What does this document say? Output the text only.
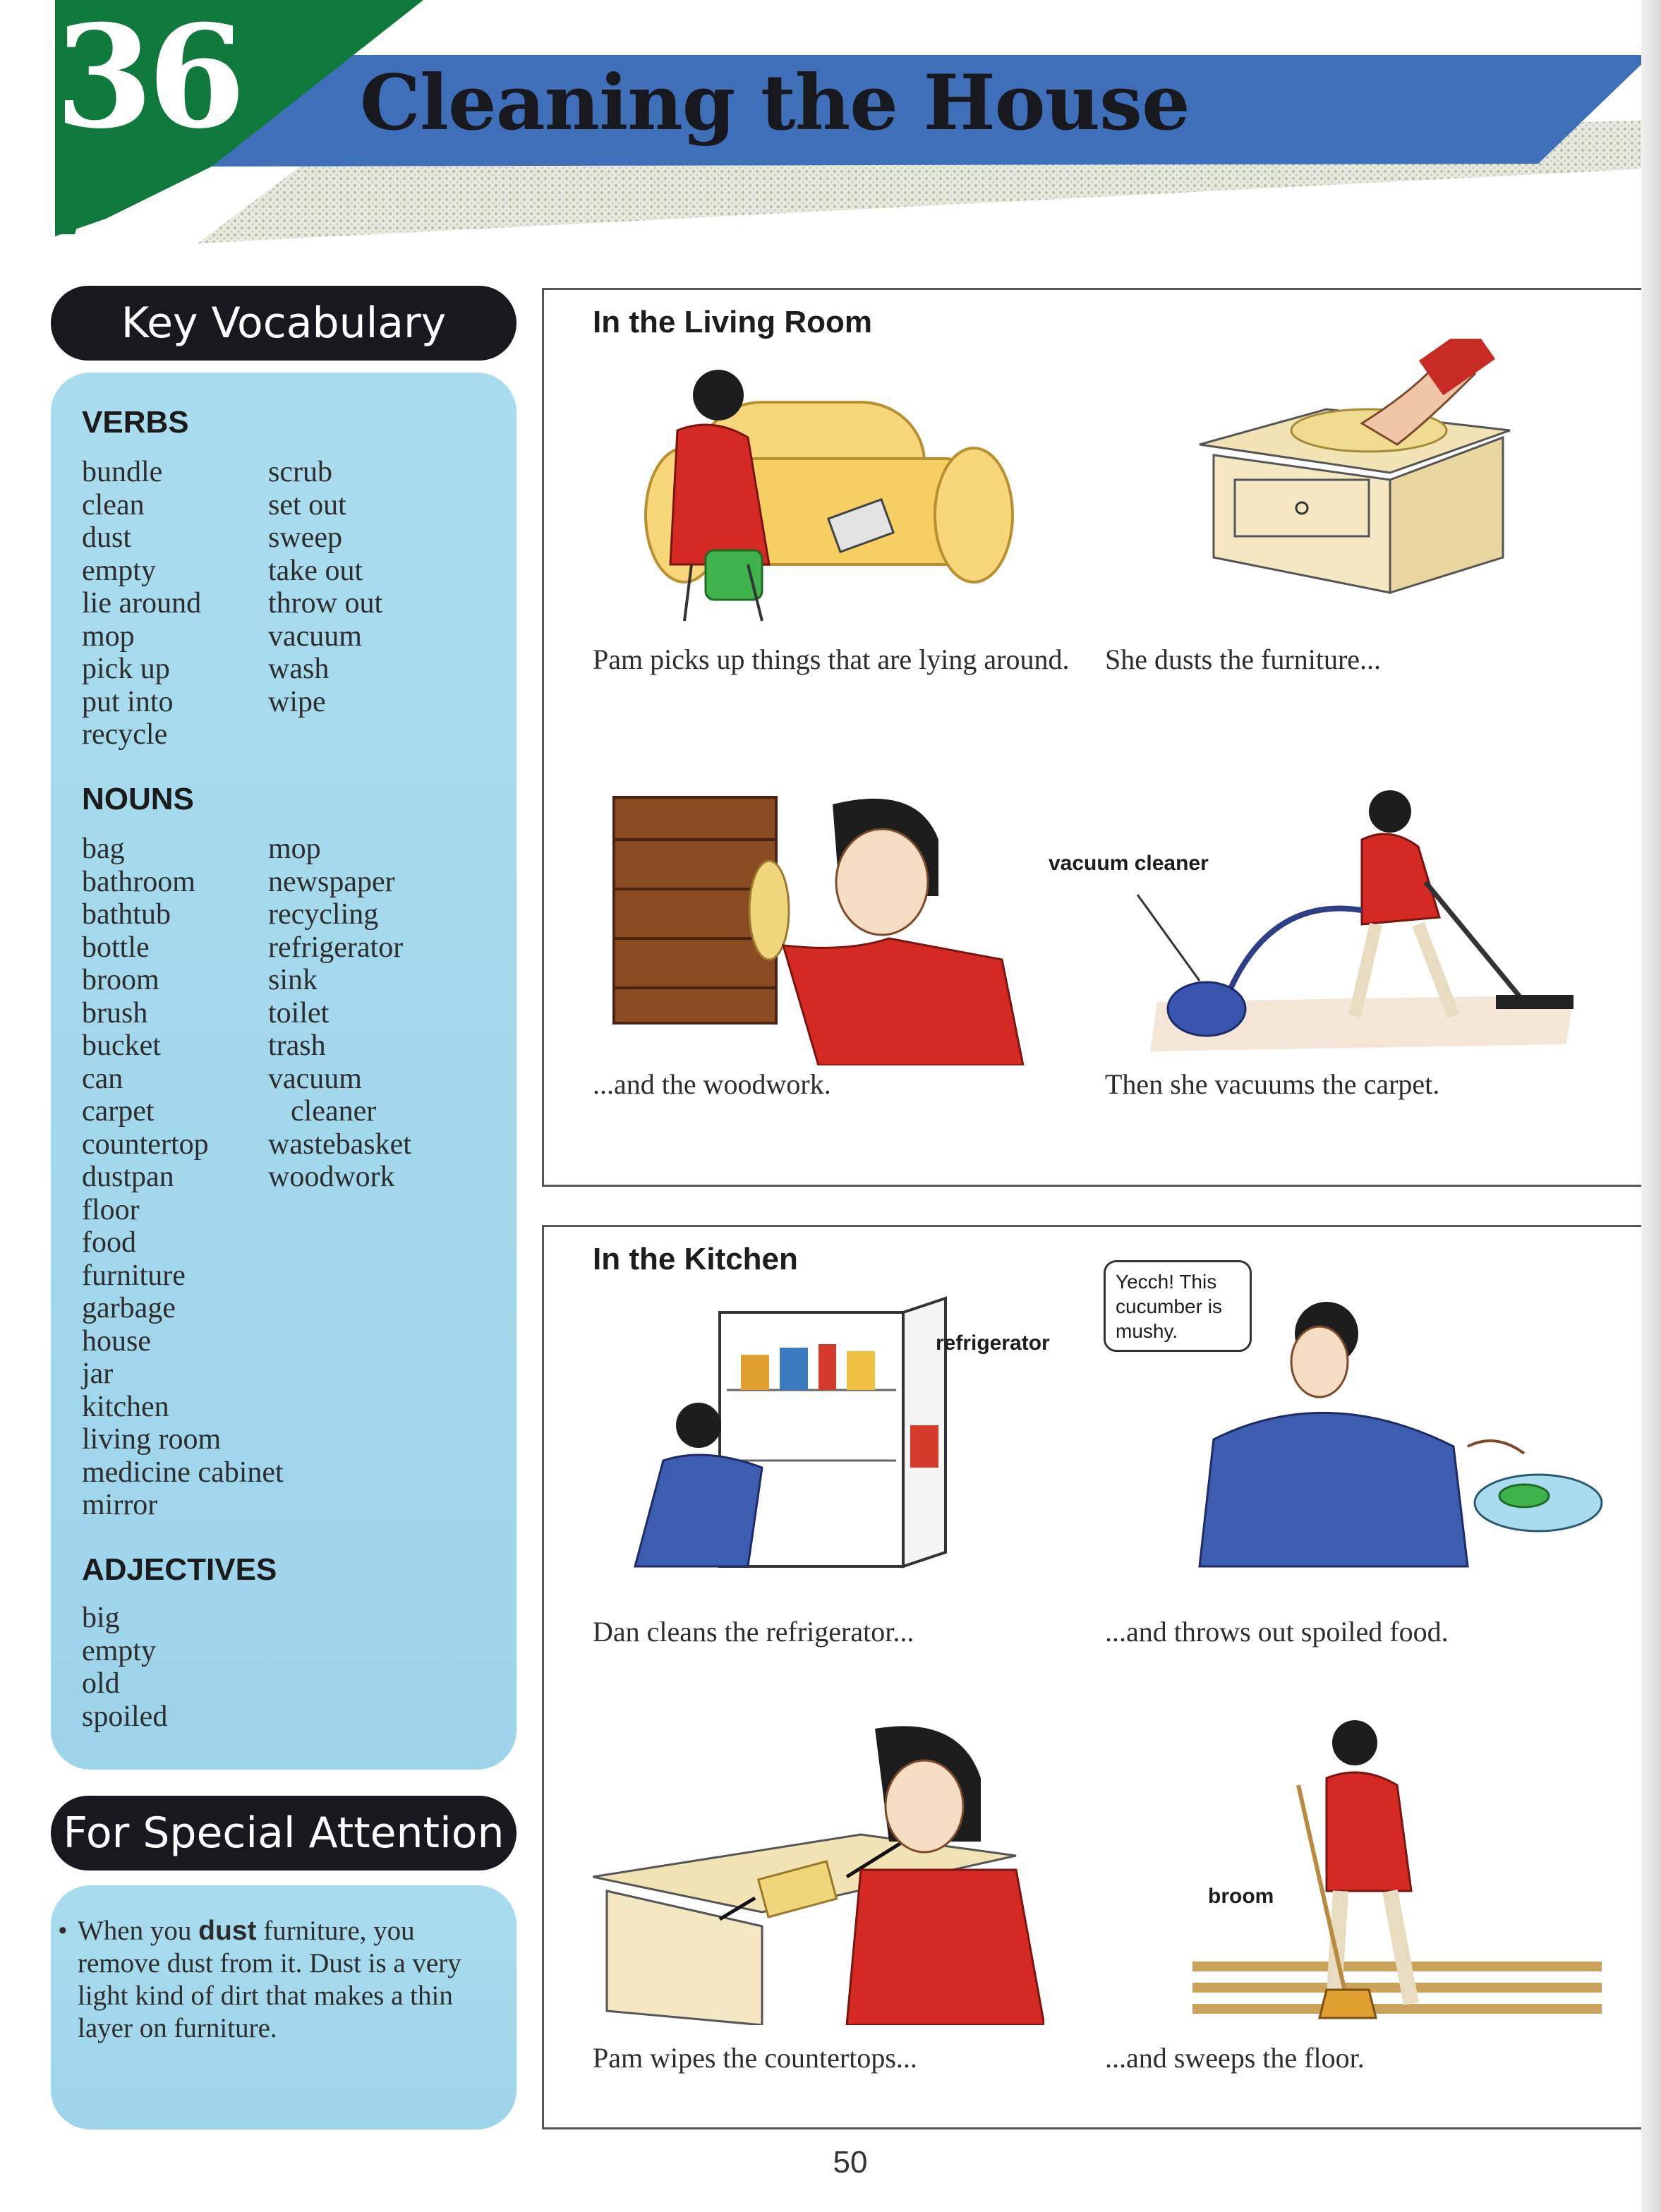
36 Cleaning the House
Key Vocabulary
VERBS
bundle
clean
dust
empty
lie around
mop
pick up
put into
recycle
scrub
set out
sweep
take out
throw out
vacuum
wash
wipe
NOUNS
bag
bathroom
bathtub
bottle
broom
brush
bucket
can
carpet
countertop
dustpan
floor
food
furniture
garbage
house
jar
kitchen
living room
medicine cabinet
mirror
mop
newspaper
recycling
refrigerator
sink
toilet
trash
vacuum
cleaner
wastebasket
woodwork
ADJECTIVES
big
empty
old
spoiled
For Special Attention
• When you dust furniture, you remove dust from it. Dust is a very light kind of dirt that makes a thin layer on furniture.
In the Living Room
Pam picks up things that are lying around.	She dusts the furniture...
...and the woodwork.
vacuum cleaner
Then she vacuums the carpet.
In the Kitchen
refrigerator
Dan cleans the refrigerator...
Yecch! This cucumber is mushy.
...and throws out spoiled food.
Pam wipes the countertops...
broom
...and sweeps the floor.
50
